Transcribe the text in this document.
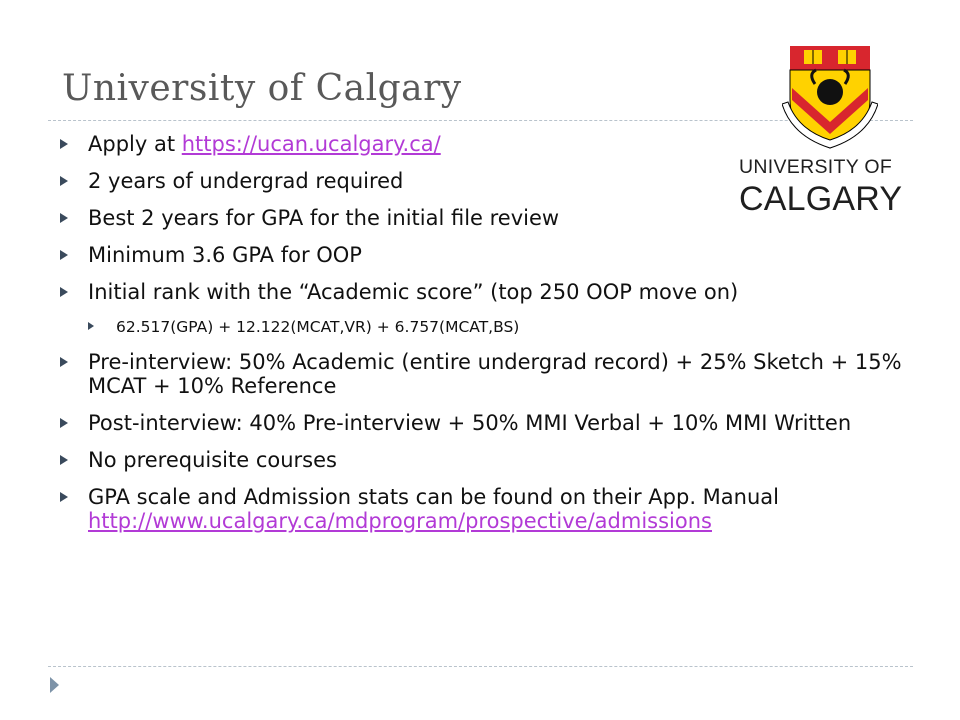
University of Calgary
UNIVERSITY OF
CALGARY
Apply at https://ucan.ucalgary.ca/
2 years of undergrad required
Best 2 years for GPA for the initial file review
Minimum 3.6 GPA for OOP
Initial rank with the “Academic score” (top 250 OOP move on)
62.517(GPA) + 12.122(MCAT,VR) + 6.757(MCAT,BS)
Pre-interview: 50% Academic (entire undergrad record) + 25% Sketch + 15% MCAT + 10% Reference
Post-interview: 40% Pre-interview + 50% MMI Verbal + 10% MMI Written
No prerequisite courses
GPA scale and Admission stats can be found on their App. Manual http://www.ucalgary.ca/mdprogram/prospective/admissions
